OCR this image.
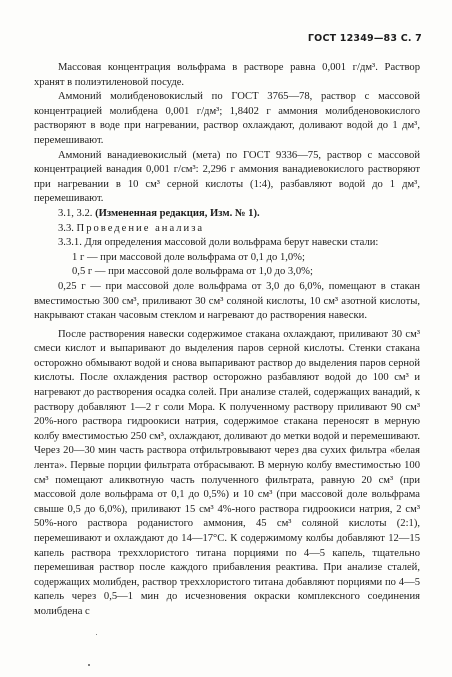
ГОСТ 12349—83 С. 7

Массовая концентрация вольфрама в растворе равна 0,001 г/дм³. Раствор хранят в полиэтиленовой посуде.

Аммоний молибденовокислый по ГОСТ 3765—78, раствор с массовой концентрацией молибдена 0,001 г/дм³; 1,8402 г аммония молибденовокислого растворяют в воде при нагревании, раствор охлаждают, доливают водой до 1 дм³, перемешивают.

Аммоний ванадиевокислый (мета) по ГОСТ 9336—75, раствор с массовой концентрацией ванадия 0,001 г/см³: 2,296 г аммония ванадиевокислого растворяют при нагревании в 10 см³ серной кислоты (1:4), разбавляют водой до 1 дм³, перемешивают.

3.1, 3.2. (Измененная редакция, Изм. № 1).

3.3. Проведение анализа

3.3.1. Для определения массовой доли вольфрама берут навески стали:

1 г — при массовой доле вольфрама от 0,1 до 1,0%;

0,5 г — при массовой доле вольфрама от 1,0 до 3,0%;

0,25 г — при массовой доле вольфрама от 3,0 до 6,0%, помещают в стакан вместимостью 300 см³, приливают 30 см³ соляной кислоты, 10 см³ азотной кислоты, накрывают стакан часовым стеклом и нагревают до растворения навески.

После растворения навески содержимое стакана охлаждают, приливают 30 см³ смеси кислот и выпаривают до выделения паров серной кислоты. Стенки стакана осторожно обмывают водой и снова выпаривают раствор до выделения паров серной кислоты. После охлаждения раствор осторожно разбавляют водой до 100 см³ и нагревают до растворения осадка солей. При анализе сталей, содержащих ванадий, к раствору добавляют 1—2 г соли Мора. К полученному раствору приливают 90 см³ 20%-ного раствора гидроокиси натрия, содержимое стакана переносят в мерную колбу вместимостью 250 см³, охлаждают, доливают до метки водой и перемешивают. Через 20—30 мин часть раствора отфильтровывают через два сухих фильтра «белая лента». Первые порции фильтрата отбрасывают. В мерную колбу вместимостью 100 см³ помещают аликвотную часть полученного фильтрата, равную 20 см³ (при массовой доле вольфрама от 0,1 до 0,5%) и 10 см³ (при массовой доле вольфрама свыше 0,5 до 6,0%), приливают 15 см³ 4%-ного раствора гидроокиси натрия, 2 см³ 50%-ного раствора роданистого аммония, 45 см³ соляной кислоты (2:1), перемешивают и охлаждают до 14—17°С. К содержимому колбы добавляют 12—15 капель раствора треххлористого титана порциями по 4—5 капель, тщательно перемешивая раствор после каждого прибавления реактива. При анализе сталей, содержащих молибден, раствор треххлористого титана добавляют порциями по 4—5 капель через 0,5—1 мин до исчезновения окраски комплексного соединения молибдена с
